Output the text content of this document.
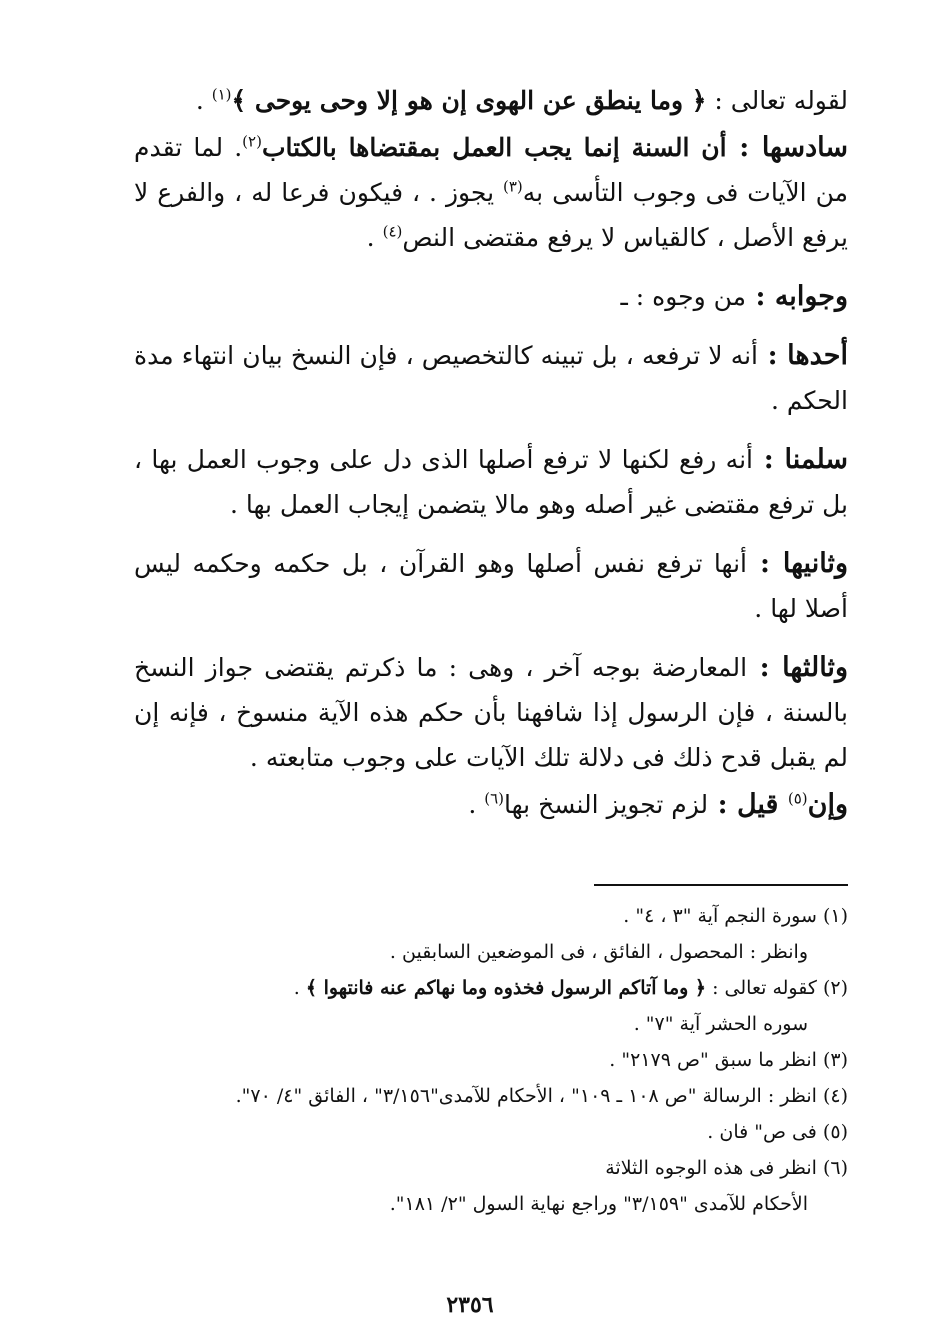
لقوله تعالى : ﴿ وما ينطق عن الهوى إن هو إلا وحى يوحى ﴾$^{(١)}$ .

سادسها : أن السنة إنما يجب العمل بمقتضاها بالكتاب$^{(٢)}$. لما تقدم من الآيات فى وجوب التأسى به$^{(٣)}$ يجوز . ، فيكون فرعا له ، والفرع لا يرفع الأصل ، كالقياس لا يرفع مقتضى النص$^{(٤)}$ .

وجوابه : من وجوه : ـ

أحدها : أنه لا ترفعه ، بل تبينه كالتخصيص ، فإن النسخ بيان انتهاء مدة الحكم .

سلمنا : أنه رفع لكنها لا ترفع أصلها الذى دل على وجوب العمل بها ، بل ترفع مقتضى غير أصله وهو مالا يتضمن إيجاب العمل بها .

وثانيها : أنها ترفع نفس أصلها وهو القرآن ، بل حكمه وحكمه ليس أصلا لها .

وثالثها : المعارضة بوجه آخر ، وهى : ما ذكرتم يقتضى جواز النسخ بالسنة ، فإن الرسول إذا شافهنا بأن حكم هذه الآية منسوخ ، فإنه إن لم يقبل قدح ذلك فى دلالة تلك الآيات على وجوب متابعته .

وإن$^{(٥)}$ قيل : لزم تجويز النسخ بها$^{(٦)}$ .

(١) سورة النجم آية "٣ ، ٤" .
وانظر : المحصول ، الفائق ، فى الموضعين السابقين .
(٢) كقوله تعالى : ﴿ وما آتاكم الرسول فخذوه وما نهاكم عنه فانتهوا ﴾ .
سوره الحشر آية "٧" .
(٣) انظر ما سبق "ص ٢١٧٩" .
(٤) انظر : الرسالة "ص ١٠٨ ـ ١٠٩" ، الأحكام للآمدى"٣/١٥٦" ، الفائق "٤/ ٧٠".
(٥) فى ص" فان .
(٦) انظر فى هذه الوجوه الثلاثة
الأحكام للآمدى "٣/١٥٩" وراجع نهاية السول "٢/ ١٨١".
٢٣٥٦
